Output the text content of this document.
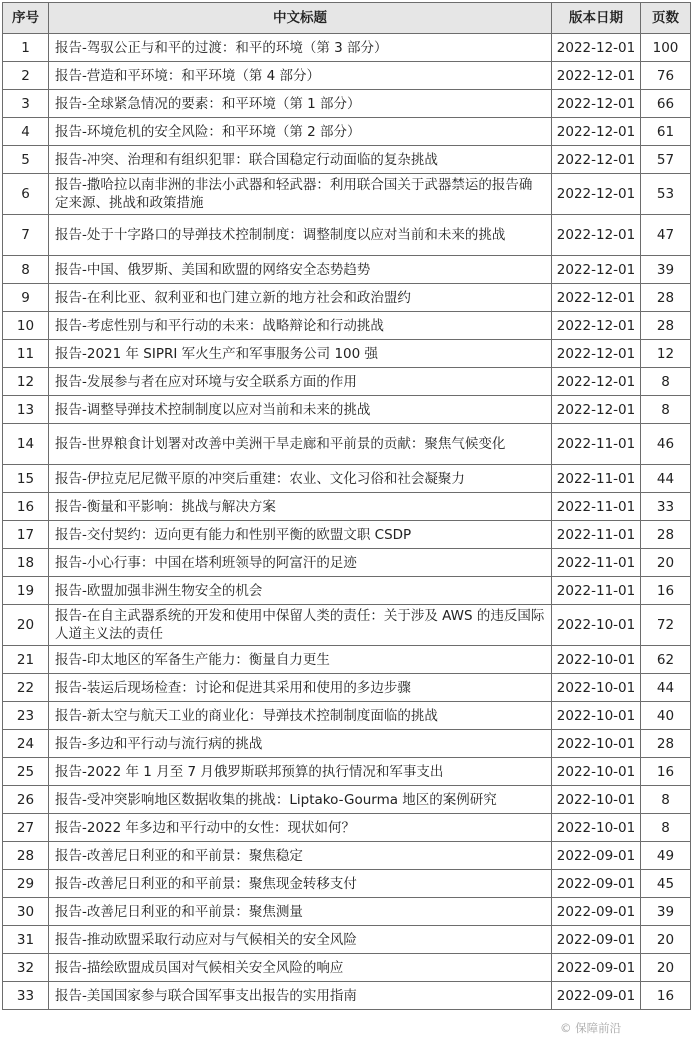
序号	中文标题	版本日期	页数
1	报告-驾驭公正与和平的过渡：和平的环境（第 3 部分）	2022-12-01	100
2	报告-营造和平环境：和平环境（第 4 部分）	2022-12-01	76
3	报告-全球紧急情况的要素：和平环境（第 1 部分）	2022-12-01	66
4	报告-环境危机的安全风险：和平环境（第 2 部分）	2022-12-01	61
5	报告-冲突、治理和有组织犯罪：联合国稳定行动面临的复杂挑战	2022-12-01	57
6	报告-撒哈拉以南非洲的非法小武器和轻武器：利用联合国关于武器禁运的报告确定来源、挑战和政策措施	2022-12-01	53
7	报告-处于十字路口的导弹技术控制制度：调整制度以应对当前和未来的挑战	2022-12-01	47
8	报告-中国、俄罗斯、美国和欧盟的网络安全态势趋势	2022-12-01	39
9	报告-在利比亚、叙利亚和也门建立新的地方社会和政治盟约	2022-12-01	28
10	报告-考虑性别与和平行动的未来：战略辩论和行动挑战	2022-12-01	28
11	报告-2021 年 SIPRI 军火生产和军事服务公司 100 强	2022-12-01	12
12	报告-发展参与者在应对环境与安全联系方面的作用	2022-12-01	8
13	报告-调整导弹技术控制制度以应对当前和未来的挑战	2022-12-01	8
14	报告-世界粮食计划署对改善中美洲干旱走廊和平前景的贡献：聚焦气候变化	2022-11-01	46
15	报告-伊拉克尼尼微平原的冲突后重建：农业、文化习俗和社会凝聚力	2022-11-01	44
16	报告-衡量和平影响：挑战与解决方案	2022-11-01	33
17	报告-交付契约：迈向更有能力和性别平衡的欧盟文职 CSDP	2022-11-01	28
18	报告-小心行事：中国在塔利班领导的阿富汗的足迹	2022-11-01	20
19	报告-欧盟加强非洲生物安全的机会	2022-11-01	16
20	报告-在自主武器系统的开发和使用中保留人类的责任：关于涉及 AWS 的违反国际人道主义法的责任	2022-10-01	72
21	报告-印太地区的军备生产能力：衡量自力更生	2022-10-01	62
22	报告-装运后现场检查：讨论和促进其采用和使用的多边步骤	2022-10-01	44
23	报告-新太空与航天工业的商业化：导弹技术控制制度面临的挑战	2022-10-01	40
24	报告-多边和平行动与流行病的挑战	2022-10-01	28
25	报告-2022 年 1 月至 7 月俄罗斯联邦预算的执行情况和军事支出	2022-10-01	16
26	报告-受冲突影响地区数据收集的挑战：Liptako-Gourma 地区的案例研究	2022-10-01	8
27	报告-2022 年多边和平行动中的女性：现状如何？	2022-10-01	8
28	报告-改善尼日利亚的和平前景：聚焦稳定	2022-09-01	49
29	报告-改善尼日利亚的和平前景：聚焦现金转移支付	2022-09-01	45
30	报告-改善尼日利亚的和平前景：聚焦测量	2022-09-01	39
31	报告-推动欧盟采取行动应对与气候相关的安全风险	2022-09-01	20
32	报告-描绘欧盟成员国对气候相关安全风险的响应	2022-09-01	20
33	报告-美国国家参与联合国军事支出报告的实用指南	2022-09-01	16
© 保障前沿
